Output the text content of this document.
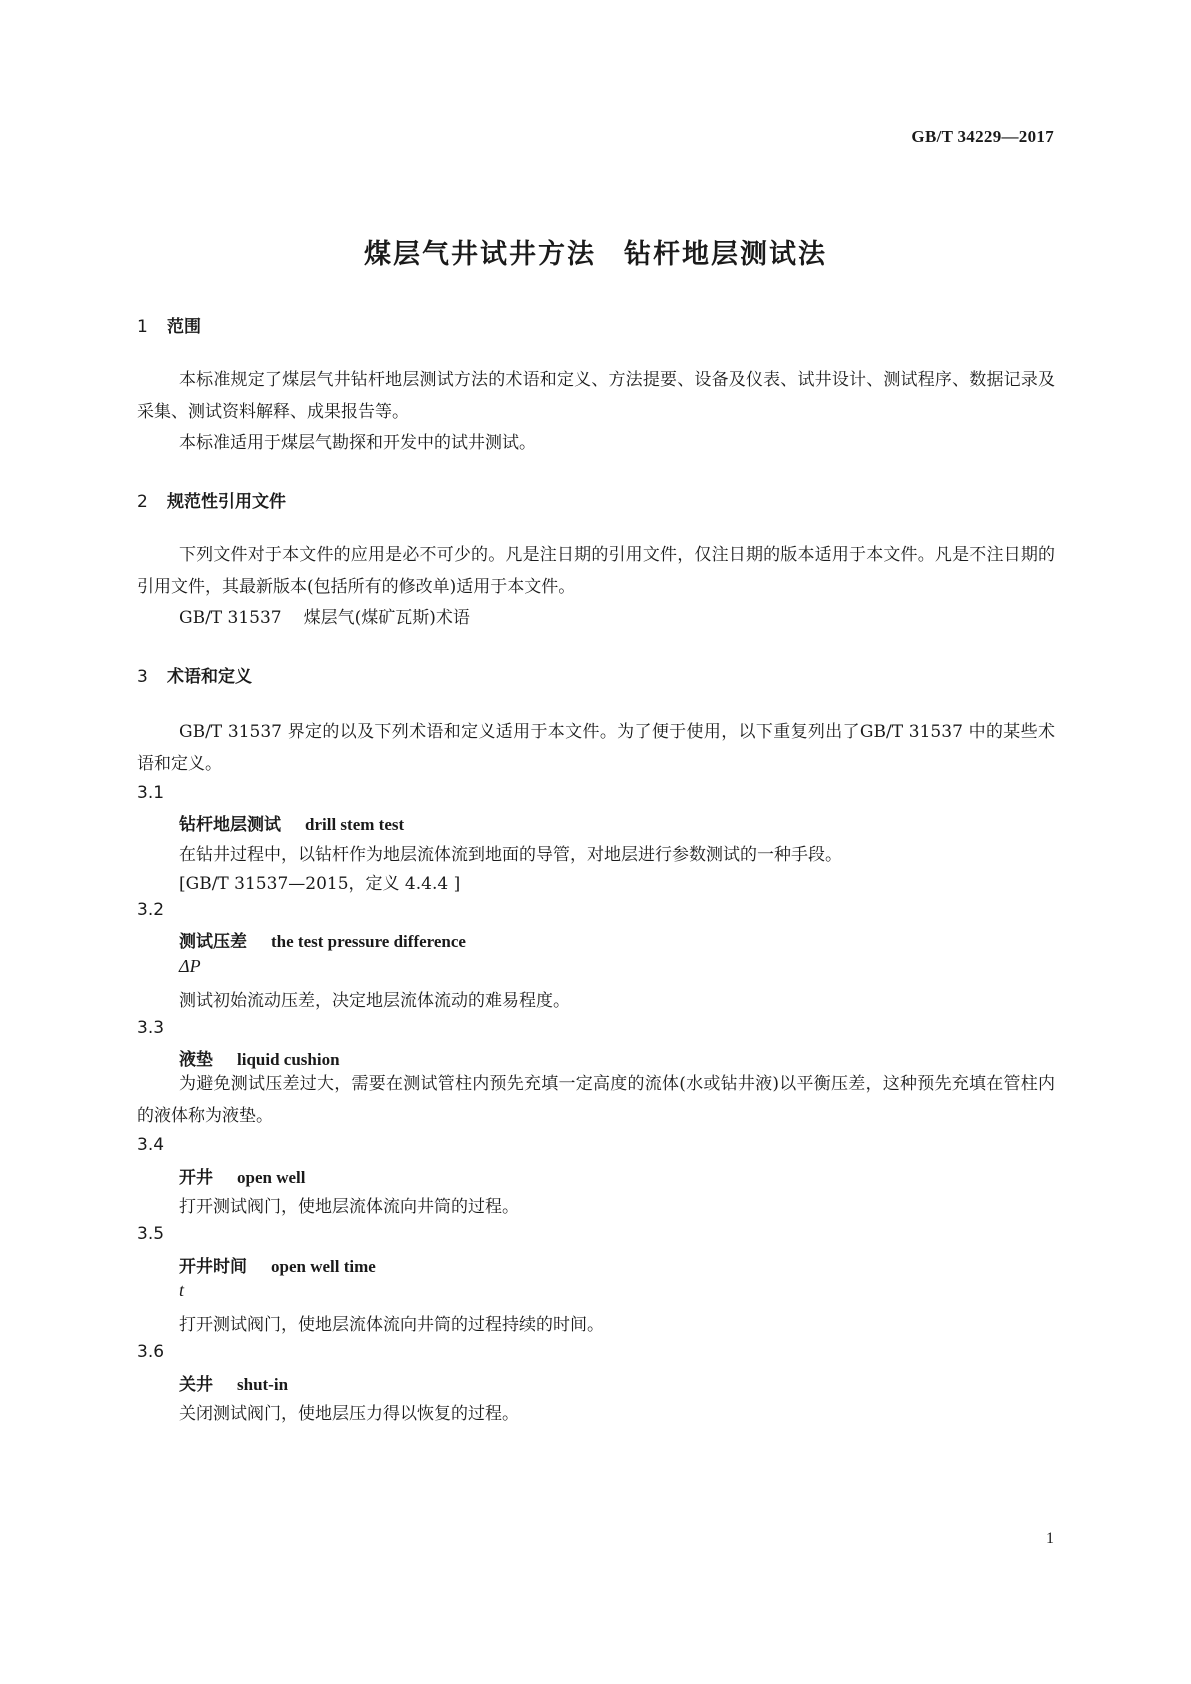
GB/T 34229—2017
煤层气井试井方法 钻杆地层测试法
1 范围
本标准规定了煤层气井钻杆地层测试方法的术语和定义、方法提要、设备及仪表、试井设计、测试程序、数据记录及采集、测试资料解释、成果报告等。
本标准适用于煤层气勘探和开发中的试井测试。
2 规范性引用文件
下列文件对于本文件的应用是必不可少的。凡是注日期的引用文件，仅注日期的版本适用于本文件。凡是不注日期的引用文件，其最新版本(包括所有的修改单)适用于本文件。
GB/T 31537 煤层气(煤矿瓦斯)术语
3 术语和定义
GB/T 31537 界定的以及下列术语和定义适用于本文件。为了便于使用，以下重复列出了GB/T 31537 中的某些术语和定义。
3.1
钻杆地层测试 drill stem test
在钻井过程中，以钻杆作为地层流体流到地面的导管，对地层进行参数测试的一种手段。
[GB/T 31537—2015，定义 4.4.4 ]
3.2
测试压差 the test pressure difference
ΔP
测试初始流动压差，决定地层流体流动的难易程度。
3.3
液垫 liquid cushion
为避免测试压差过大，需要在测试管柱内预先充填一定高度的流体(水或钻井液)以平衡压差，这种预先充填在管柱内的液体称为液垫。
3.4
开井 open well
打开测试阀门，使地层流体流向井筒的过程。
3.5
开井时间 open well time
t
打开测试阀门，使地层流体流向井筒的过程持续的时间。
3.6
关井 shut-in
关闭测试阀门，使地层压力得以恢复的过程。
1
